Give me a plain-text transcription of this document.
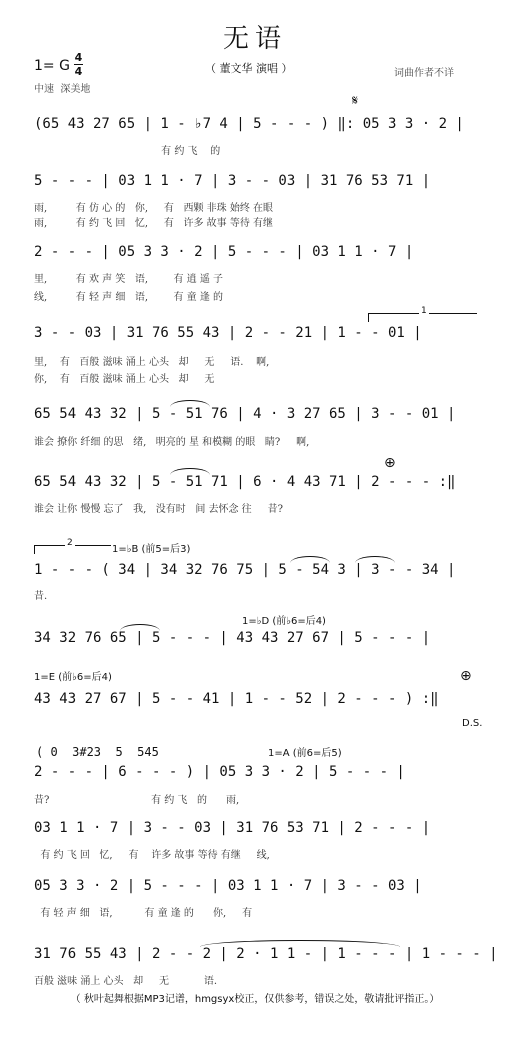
无语
1= G
4
4	（ 董文华 演唱 ）	词曲作者不详
中速  深美地
𝄋
⊕
⊕
D.S.
1
2
1=♭B (前5=后3)
1=♭D (前♭6=后4)
1=E (前♭6=后4)
1=A (前6=后5)
( 0  3#23  5  545
(65 43 27 65 | 1 - ♭7 4 | 5 - - - ) ‖: 05 3 3 · 2 |
有 约 飞    的
5 - - - | 03 1 1 · 7 | 3 - - 03 | 31 76 53 71 |
雨,         有 仿 心 的   你,     有   西颗 非珠 始终 在眼
雨,         有 约 飞 回   忆,     有   许多 故事 等待 有继
2 - - - | 05 3 3 · 2 | 5 - - - | 03 1 1 · 7 |
里,         有 欢 声 笑   语,        有 逍 遥 子
线,         有 轻 声 细   语,        有 童 逢 的
3 - - 03 | 31 76 55 43 | 2 - - 21 | 1 - - 01 |
里,    有   百般 滋味 涌上 心头   却     无     语.    啊,
你,    有   百般 滋味 涌上 心头   却     无
65 54 43 32 | 5 - 51 76 | 4 · 3 27 65 | 3 - - 01 |
谁会 撩你 纤细 的思   绪,   明亮的 星 和模糊 的眼   睛?     啊,
65 54 43 32 | 5 - 51 71 | 6 · 4 43 71 | 2 - - - :‖
谁会 让你 慢慢 忘了   我,   没有时   间 去怀念 往     昔?
1 - - - ( 34 | 34 32 76 75 | 5 - 54 3 | 3 - - 34 |
昔.
34 32 76 65 | 5 - - - | 43 43 27 67 | 5 - - - |
43 43 27 67 | 5 - - 41 | 1 - - 52 | 2 - - - ) :‖
2 - - - | 6 - - - ) | 05 3 3 · 2 | 5 - - - |
昔?                                有 约 飞   的      雨,
03 1 1 · 7 | 3 - - 03 | 31 76 53 71 | 2 - - - |
有 约 飞 回   忆,     有    许多 故事 等待 有继     线,
05 3 3 · 2 | 5 - - - | 03 1 1 · 7 | 3 - - 03 |
有 轻 声 细   语,          有 童 逢 的      你,     有
31 76 55 43 | 2 - - 2 | 2 · 1 1 - | 1 - - - | 1 - - - |
百般 滋味 涌上 心头   却     无           语.
（ 秋叶起舞根据MP3记谱，hmgsyx校正，仅供参考，错误之处，敬请批评指正。）
